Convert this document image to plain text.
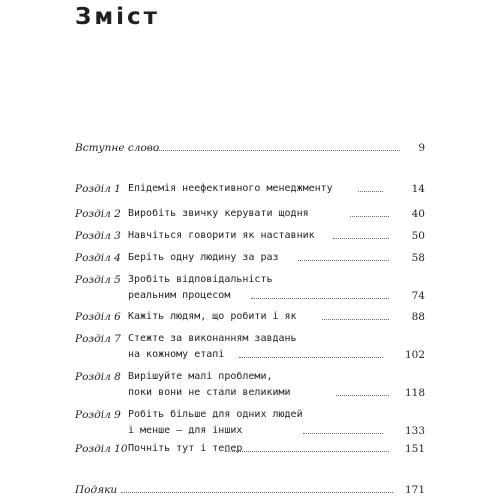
Зміст
Вступне слово	9
Розділ 1 Епідемія неефективного менеджменту	14
Розділ 2 Виробіть звичку керувати щодня	40
Розділ 3 Навчіться говорити як наставник	50
Розділ 4 Беріть одну людину за раз	58
Розділ 5 Зробіть відповідальність
реальним процесом	74
Розділ 6 Кажіть людям, що робити і як	88
Розділ 7 Стежте за виконанням завдань
на кожному етапі	102
Розділ 8 Вирішуйте малі проблеми,
поки вони не стали великими	118
Розділ 9 Робіть більше для одних людей
і менше — для інших	133
Розділ 10 Почніть тут і тепер	151
Подяки	171
